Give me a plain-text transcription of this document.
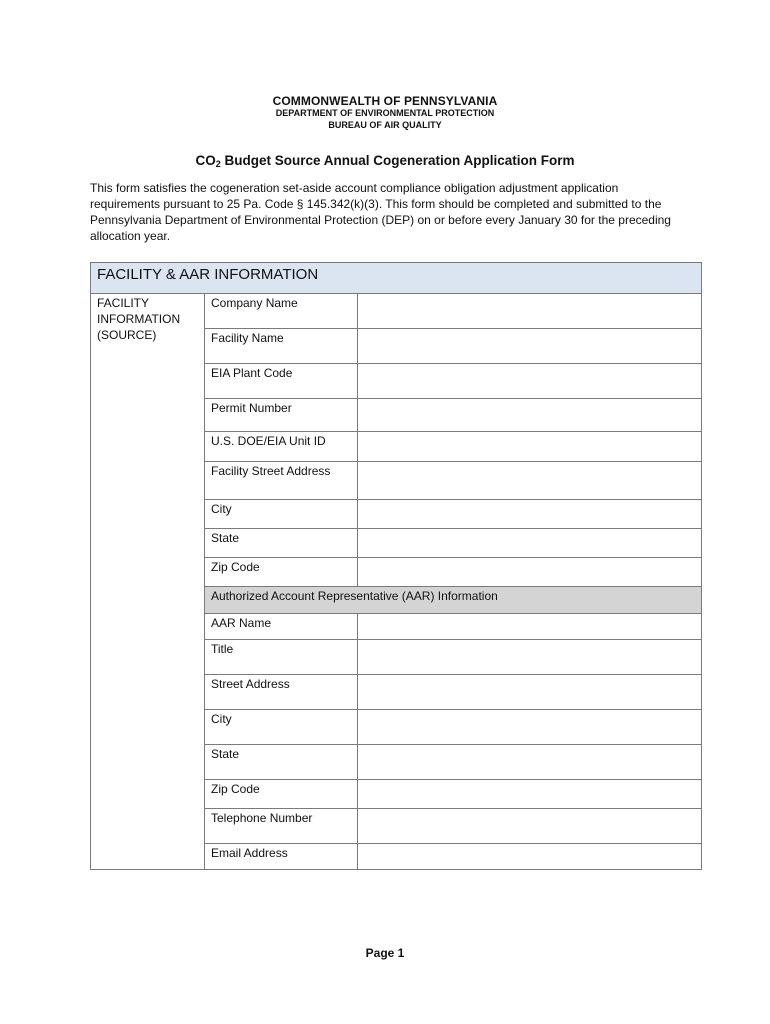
COMMONWEALTH OF PENNSYLVANIA
DEPARTMENT OF ENVIRONMENTAL PROTECTION
BUREAU OF AIR QUALITY
$CO_2$ Budget Source Annual Cogeneration Application Form
This form satisfies the cogeneration set-aside account compliance obligation adjustment application requirements pursuant to 25 Pa. Code § 145.342(k)(3). This form should be completed and submitted to the Pennsylvania Department of Environmental Protection (DEP) on or before every January 30 for the preceding allocation year.
FACILITY & AAR INFORMATION
FACILITY
INFORMATION
(SOURCE)
Company Name
Facility Name
EIA Plant Code
Permit Number
U.S. DOE/EIA Unit ID
Facility Street Address
City
State
Zip Code
Authorized Account Representative (AAR) Information
AAR Name
Title
Street Address
City
State
Zip Code
Telephone Number
Email Address
Page 1
